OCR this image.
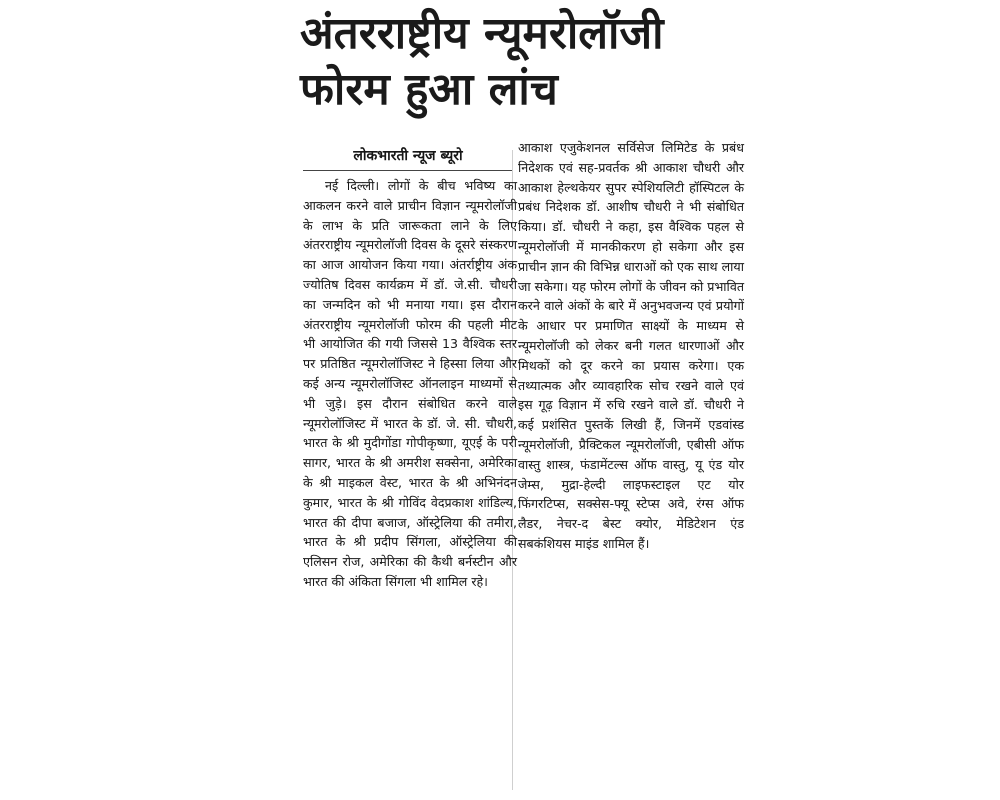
अंतरराष्ट्रीय न्यूमरोलॉजी
फोरम हुआ लांच
लोकभारती न्यूज ब्यूरो

नई दिल्ली। लोगों के बीच भविष्य का आकलन करने वाले प्राचीन विज्ञान न्यूमरोलॉजी के लाभ के प्रति जारूकता लाने के लिए अंतरराष्ट्रीय न्यूमरोलॉजी दिवस के दूसरे संस्करण का आज आयोजन किया गया। अंतर्राष्ट्रीय अंक ज्योतिष दिवस कार्यक्रम में डॉ. जे.सी. चौधरी का जन्मदिन को भी मनाया गया। इस दौरान अंतरराष्ट्रीय न्यूमरोलॉजी फोरम की पहली मीट भी आयोजित की गयी जिससे 13 वैश्विक स्तर पर प्रतिष्ठित न्यूमरोलॉजिस्ट ने हिस्सा लिया और कई अन्य न्यूमरोलॉजिस्ट ऑनलाइन माध्यमों से भी जुड़े। इस दौरान संबोधित करने वाले न्यूमरोलॉजिस्ट में भारत के डॉ. जे. सी. चौधरी, भारत के श्री मुदीगोंडा गोपीकृष्णा, यूएई के परी सागर, भारत के श्री अमरीश सक्सेना, अमेरिका के श्री माइकल वेस्ट, भारत के श्री अभिनंदन कुमार, भारत के श्री गोविंद वेदप्रकाश शांडिल्य, भारत की दीपा बजाज, ऑस्ट्रेलिया की तमीरा, भारत के श्री प्रदीप सिंगला, ऑस्ट्रेलिया की एलिसन रोज, अमेरिका की कैथी बर्नस्टीन और भारत की अंकिता सिंगला भी शामिल रहे।

आकाश एजुकेशनल सर्विसेज लिमिटेड के प्रबंध निदेशक एवं सह-प्रवर्तक श्री आकाश चौधरी और आकाश हेल्थकेयर सुपर स्पेशियलिटी हॉस्पिटल के प्रबंध निदेशक डॉ. आशीष चौधरी ने भी संबोधित किया। डॉ. चौधरी ने कहा, इस वैश्विक पहल से न्यूमरोलॉजी में मानकीकरण हो सकेगा और इस प्राचीन ज्ञान की विभिन्न धाराओं को एक साथ लाया जा सकेगा। यह फोरम लोगों के जीवन को प्रभावित करने वाले अंकों के बारे में अनुभवजन्य एवं प्रयोगों के आधार पर प्रमाणित साक्ष्यों के माध्यम से न्यूमरोलॉजी को लेकर बनी गलत धारणाओं और मिथकों को दूर करने का प्रयास करेगा। एक तथ्यात्मक और व्यावहारिक सोच रखने वाले एवं इस गूढ़ विज्ञान में रुचि रखने वाले डॉ. चौधरी ने कई प्रशंसित पुस्तकें लिखी हैं, जिनमें एडवांस्ड न्यूमरोलॉजी, प्रैक्टिकल न्यूमरोलॉजी, एबीसी ऑफ वास्तु शास्त्र, फंडामेंटल्स ऑफ वास्तु, यू एंड योर जेम्स, मुद्रा-हेल्दी लाइफस्टाइल एट योर फिंगरटिप्स, सक्सेस-फ्यू स्टेप्स अवे, रंग्स ऑफ लैडर, नेचर-द बेस्ट क्योर, मेडिटेशन एंड सबकंशियस माइंड शामिल हैं।
